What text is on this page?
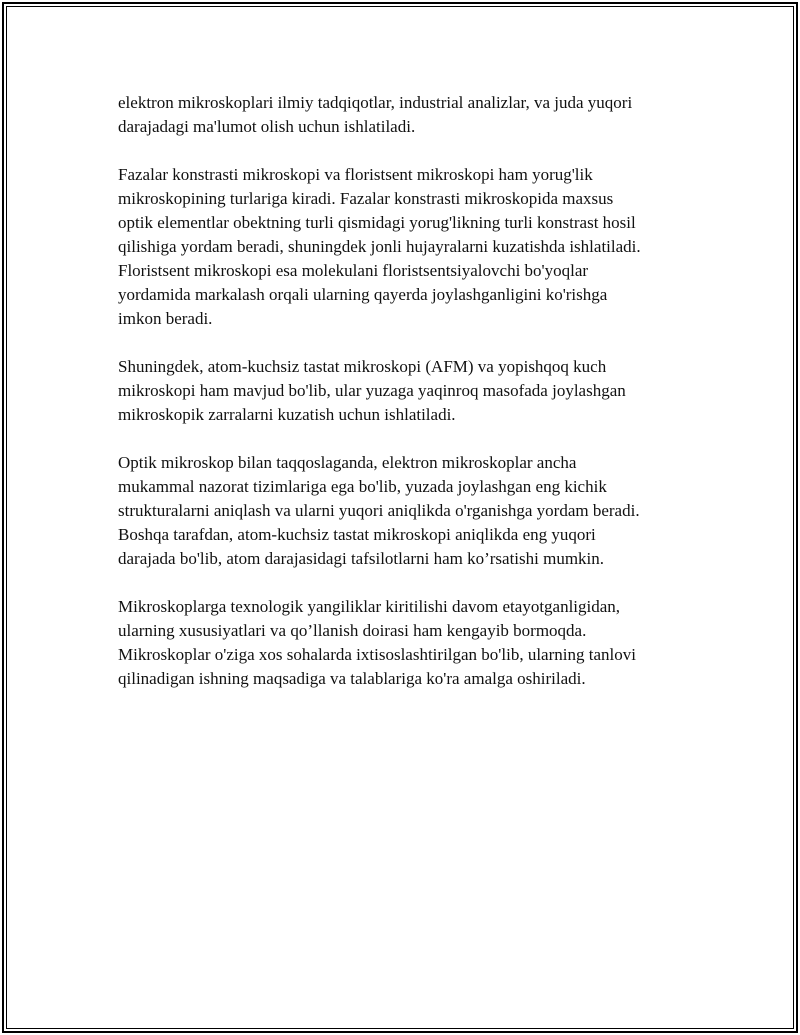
elektron mikroskoplari ilmiy tadqiqotlar, industrial analizlar, va juda yuqori
darajadagi ma'lumot olish uchun ishlatiladi.

Fazalar konstrasti mikroskopi va floristsent mikroskopi ham yorug'lik
mikroskopining turlariga kiradi. Fazalar konstrasti mikroskopida maxsus
optik elementlar obektning turli qismidagi yorug'likning turli konstrast hosil
qilishiga yordam beradi, shuningdek jonli hujayralarni kuzatishda ishlatiladi.
Floristsent mikroskopi esa molekulani floristsentsiyalovchi bo'yoqlar
yordamida markalash orqali ularning qayerda joylashganligini ko'rishga
imkon beradi.

Shuningdek, atom-kuchsiz tastat mikroskopi (AFM) va yopishqoq kuch
mikroskopi ham mavjud bo'lib, ular yuzaga yaqinroq masofada joylashgan
mikroskopik zarralarni kuzatish uchun ishlatiladi.

Optik mikroskop bilan taqqoslaganda, elektron mikroskoplar ancha
mukammal nazorat tizimlariga ega bo'lib, yuzada joylashgan eng kichik
strukturalarni aniqlash va ularni yuqori aniqlikda o'rganishga yordam beradi.
Boshqa tarafdan, atom-kuchsiz tastat mikroskopi aniqlikda eng yuqori
darajada bo'lib, atom darajasidagi tafsilotlarni ham ko’rsatishi mumkin.

Mikroskoplarga texnologik yangiliklar kiritilishi davom etayotganligidan,
ularning xususiyatlari va qo’llanish doirasi ham kengayib bormoqda.
Mikroskoplar o'ziga xos sohalarda ixtisoslashtirilgan bo'lib, ularning tanlovi
qilinadigan ishning maqsadiga va talablariga ko'ra amalga oshiriladi.
